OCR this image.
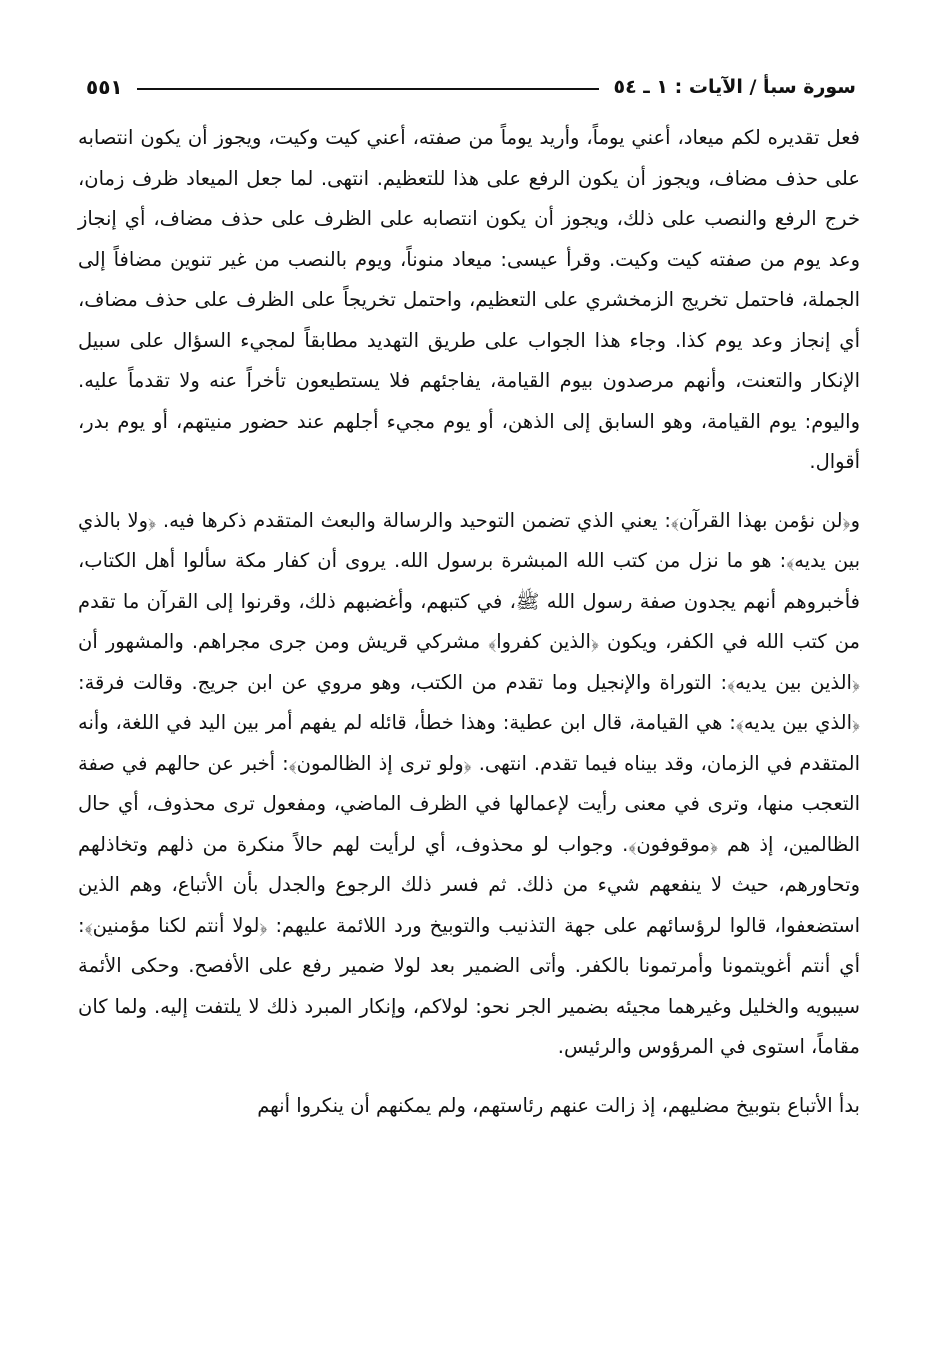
سورة سبأ / الآيات : ١ ـ ٥٤
٥٥١

فعل تقديره لكم ميعاد، أعني يوماً، وأريد يوماً من صفته، أعني كيت وكيت، ويجوز أن يكون انتصابه على حذف مضاف، ويجوز أن يكون الرفع على هذا للتعظيم. انتهى. لما جعل الميعاد ظرف زمان، خرج الرفع والنصب على ذلك، ويجوز أن يكون انتصابه على الظرف على حذف مضاف، أي إنجاز وعد يوم من صفته كيت وكيت. وقرأ عيسى: ميعاد منوناً، ويوم بالنصب من غير تنوين مضافاً إلى الجملة، فاحتمل تخريج الزمخشري على التعظيم، واحتمل تخريجاً على الظرف على حذف مضاف، أي إنجاز وعد يوم كذا. وجاء هذا الجواب على طريق التهديد مطابقاً لمجيء السؤال على سبيل الإنكار والتعنت، وأنهم مرصدون بيوم القيامة، يفاجئهم فلا يستطيعون تأخراً عنه ولا تقدماً عليه. واليوم: يوم القيامة، وهو السابق إلى الذهن، أو يوم مجيء أجلهم عند حضور منيتهم، أو يوم بدر، أقوال.

و﴿لن نؤمن بهذا القرآن﴾: يعني الذي تضمن التوحيد والرسالة والبعث المتقدم ذكرها فيه. ﴿ولا بالذي بين يديه﴾: هو ما نزل من كتب الله المبشرة برسول الله. يروى أن كفار مكة سألوا أهل الكتاب، فأخبروهم أنهم يجدون صفة رسول الله ﷺ، في كتبهم، وأغضبهم ذلك، وقرنوا إلى القرآن ما تقدم من كتب الله في الكفر، ويكون ﴿الذين كفروا﴾ مشركي قريش ومن جرى مجراهم. والمشهور أن ﴿الذين بين يديه﴾: التوراة والإنجيل وما تقدم من الكتب، وهو مروي عن ابن جريج. وقالت فرقة: ﴿الذي بين يديه﴾: هي القيامة، قال ابن عطية: وهذا خطأ، قائله لم يفهم أمر بين اليد في اللغة، وأنه المتقدم في الزمان، وقد بيناه فيما تقدم. انتهى. ﴿ولو ترى إذ الظالمون﴾: أخبر عن حالهم في صفة التعجب منها، وترى في معنى رأيت لإعمالها في الظرف الماضي، ومفعول ترى محذوف، أي حال الظالمين، إذ هم ﴿موقوفون﴾. وجواب لو محذوف، أي لرأيت لهم حالاً منكرة من ذلهم وتخاذلهم وتحاورهم، حيث لا ينفعهم شيء من ذلك. ثم فسر ذلك الرجوع والجدل بأن الأتباع، وهم الذين استضعفوا، قالوا لرؤسائهم على جهة التذنيب والتوبيخ ورد اللائمة عليهم: ﴿لولا أنتم لكنا مؤمنين﴾: أي أنتم أغويتمونا وأمرتمونا بالكفر. وأتى الضمير بعد لولا ضمير رفع على الأفصح. وحكى الأئمة سيبويه والخليل وغيرهما مجيئه بضمير الجر نحو: لولاكم، وإنكار المبرد ذلك لا يلتفت إليه. ولما كان مقاماً، استوى في المرؤوس والرئيس.

بدأ الأتباع بتوبيخ مضليهم، إذ زالت عنهم رئاستهم، ولم يمكنهم أن ينكروا أنهم
